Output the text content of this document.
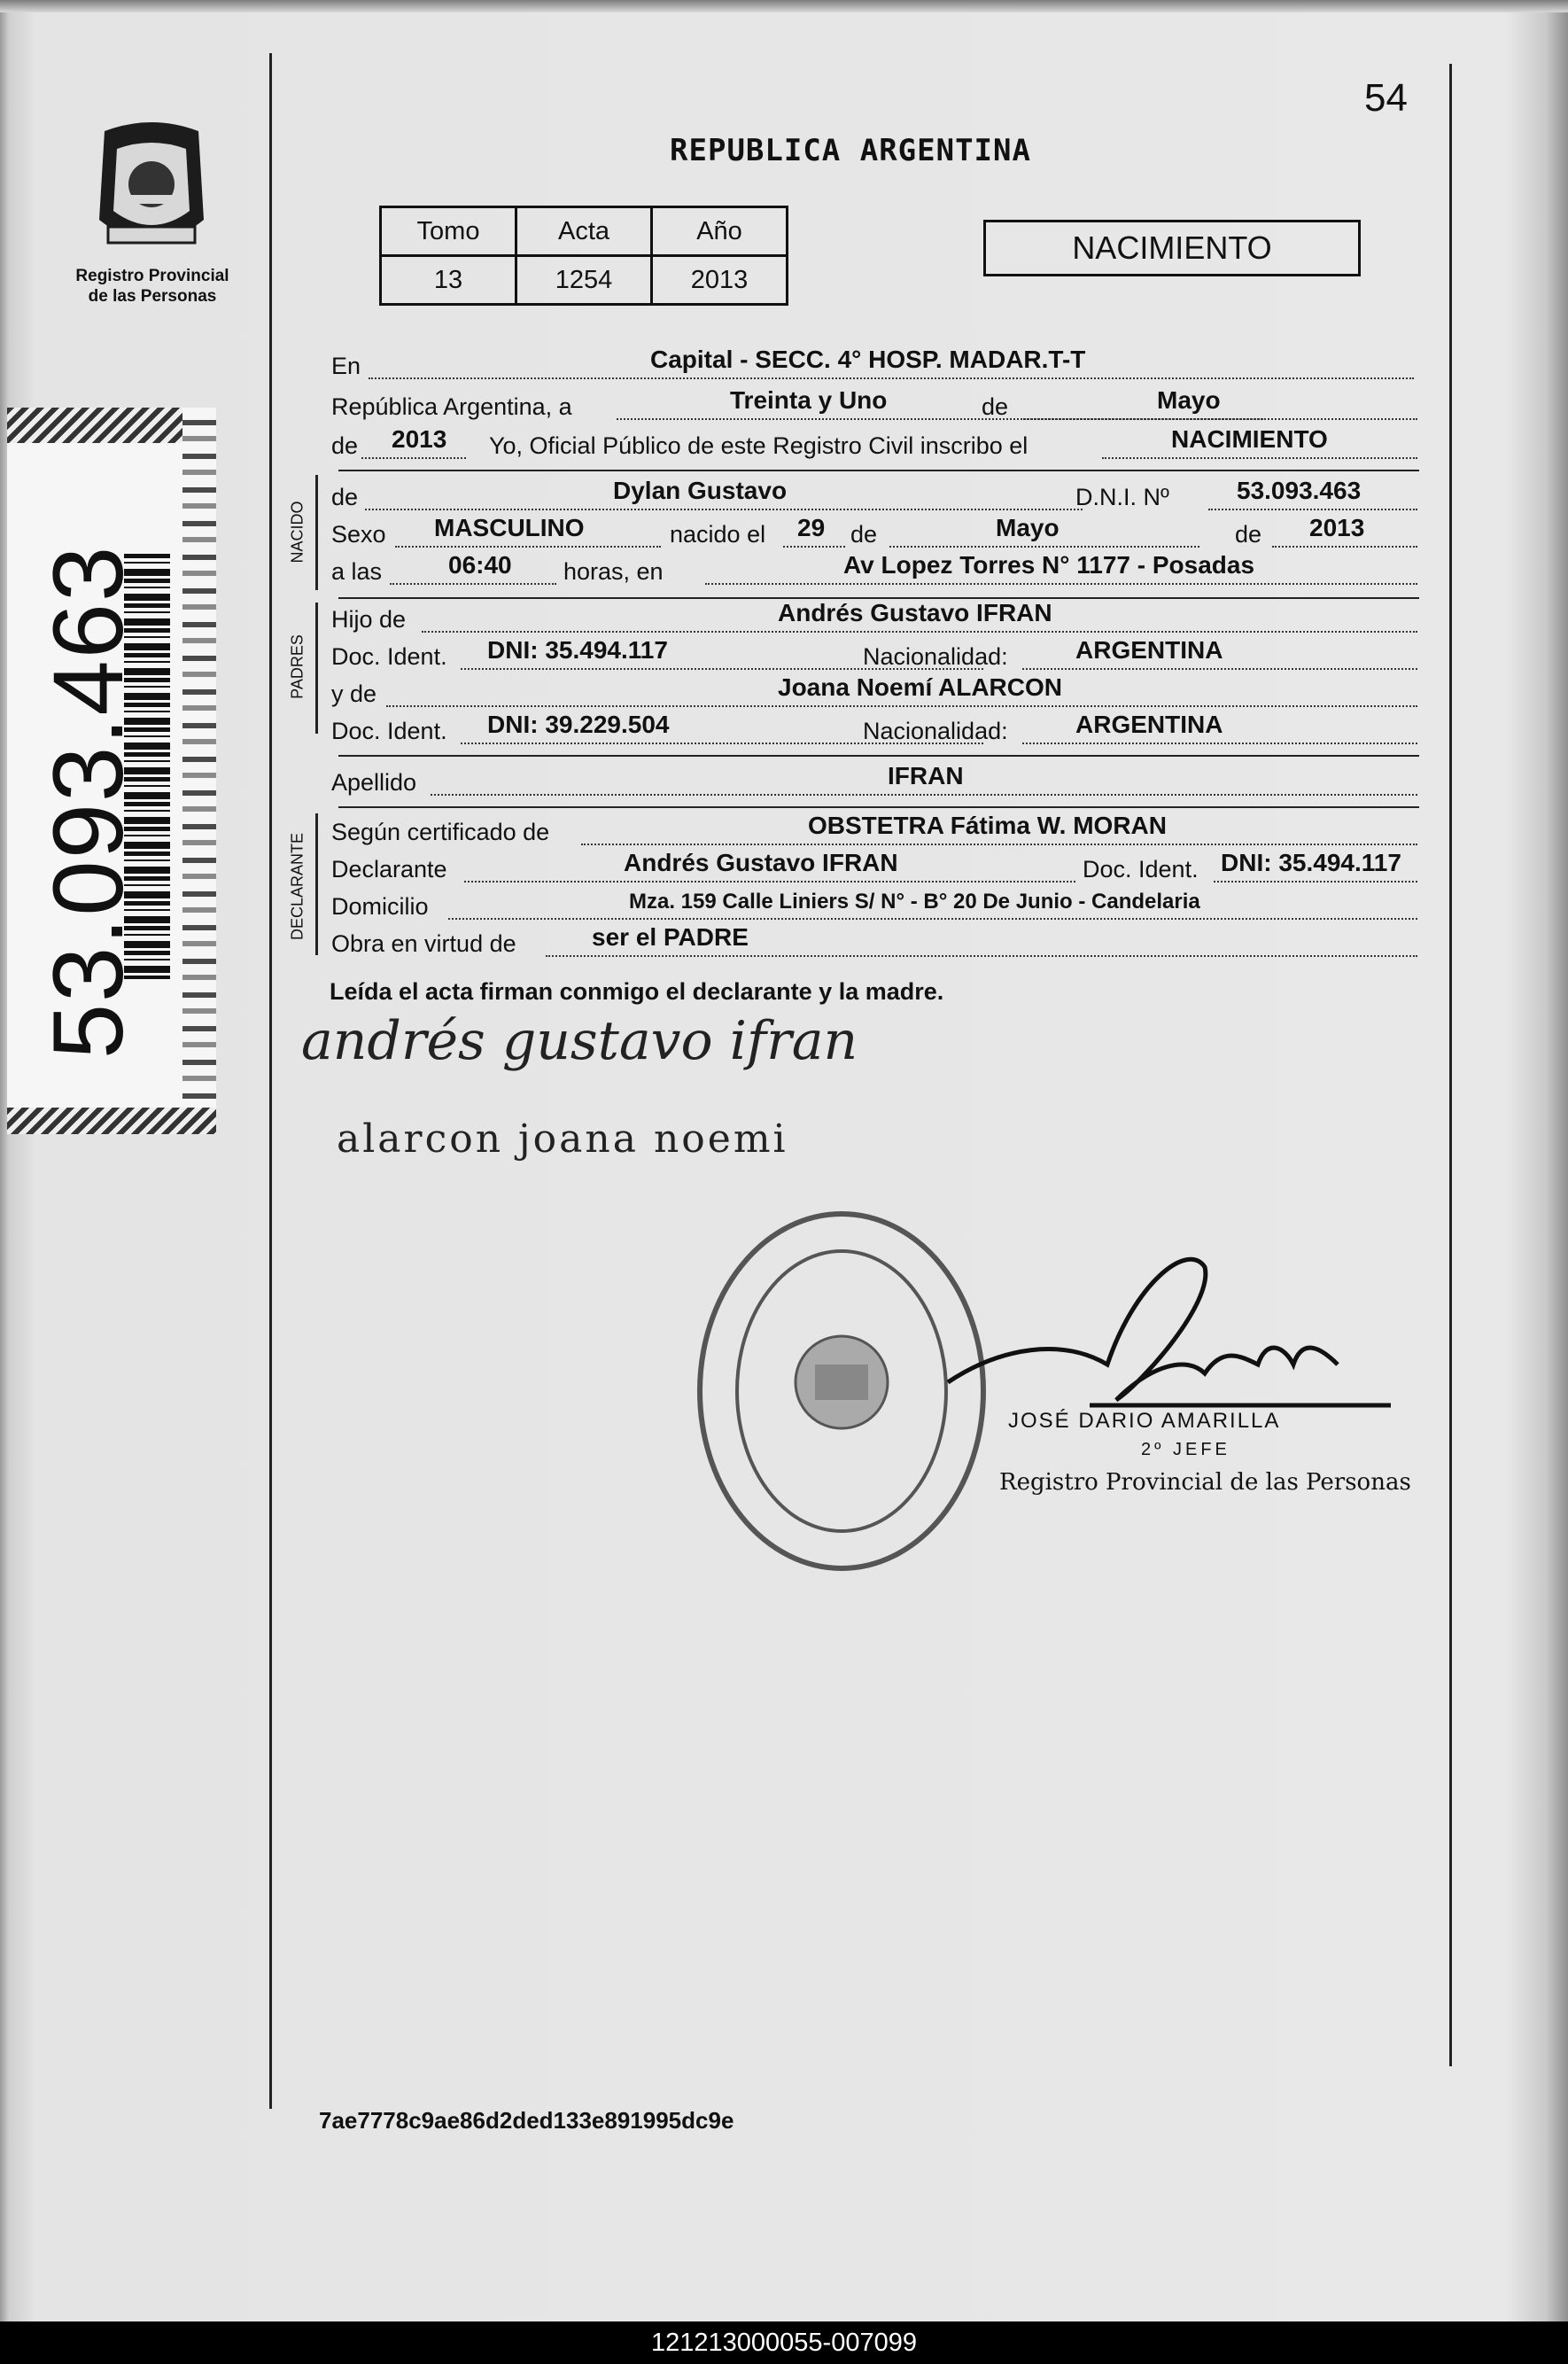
Registro Provincial
de las Personas
53.093.463
54
REPUBLICA ARGENTINA
Tomo	Acta	Año
13	1254	2013
NACIMIENTO
En	Capital - SECC. 4° HOSP. MADAR.T-T
República Argentina, a	Treinta y Uno	de	Mayo
de 2013 Yo, Oficial Público de este Registro Civil inscribo el	NACIMIENTO
NACIDO
de	Dylan Gustavo	D.N.I. Nº	53.093.463
Sexo MASCULINO	nacido el 29 de	Mayo	de 2013
a las	06:40 horas, en	Av Lopez Torres N° 1177 - Posadas
PADRES
Hijo de	Andrés Gustavo IFRAN
Doc. Ident. DNI: 35.494.117	Nacionalidad:	ARGENTINA
y de	Joana Noemí ALARCON
Doc. Ident. DNI: 39.229.504	Nacionalidad:	ARGENTINA
Apellido	IFRAN
DECLARANTE
Según certificado de	OBSTETRA Fátima W. MORAN
Declarante	Andrés Gustavo IFRAN	Doc. Ident. DNI: 35.494.117
Domicilio	Mza. 159 Calle Liniers S/ N° - B° 20 De Junio - Candelaria
Obra en virtud de	ser el PADRE
Leída el acta firman conmigo el declarante y la madre.
andrés gustavo ifran
alarcon joana noemi
JOSÉ DARIO AMARILLA
2º JEFE
Registro Provincial de las Personas
7ae7778c9ae86d2ded133e891995dc9e
121213000055-007099
